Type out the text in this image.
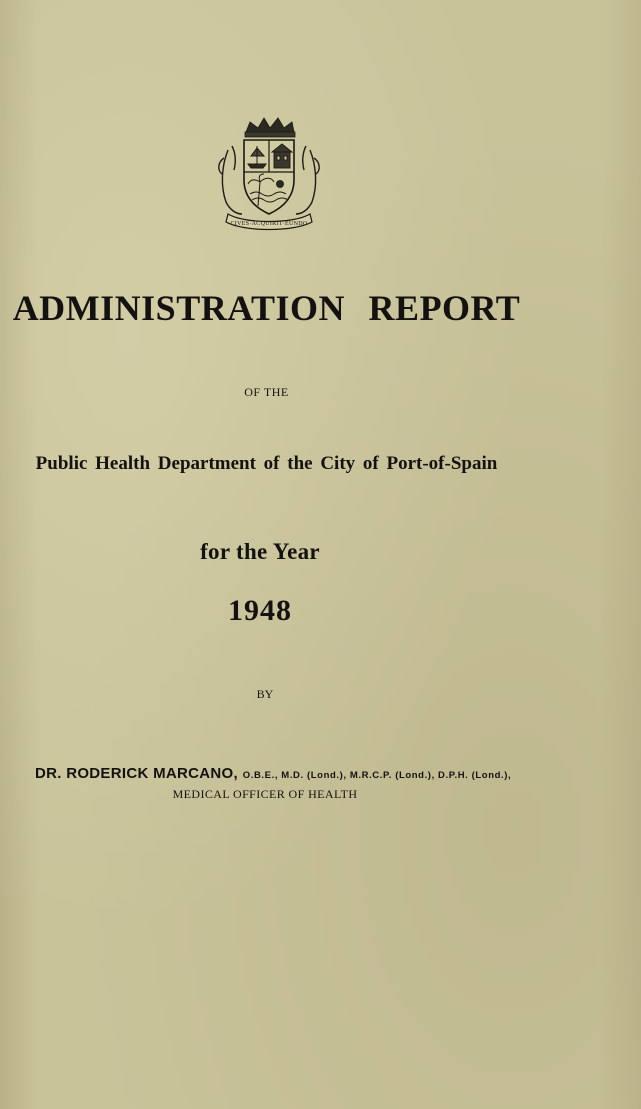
CIVES·ACQUIRIT·EUNDO
ADMINISTRATION REPORT
OF THE
Public Health Department of the City of Port-of-Spain
for the Year
1948
BY
DR. RODERICK MARCANO, O.B.E., M.D. (Lond.), M.R.C.P. (Lond.), D.P.H. (Lond.),
MEDICAL OFFICER OF HEALTH
